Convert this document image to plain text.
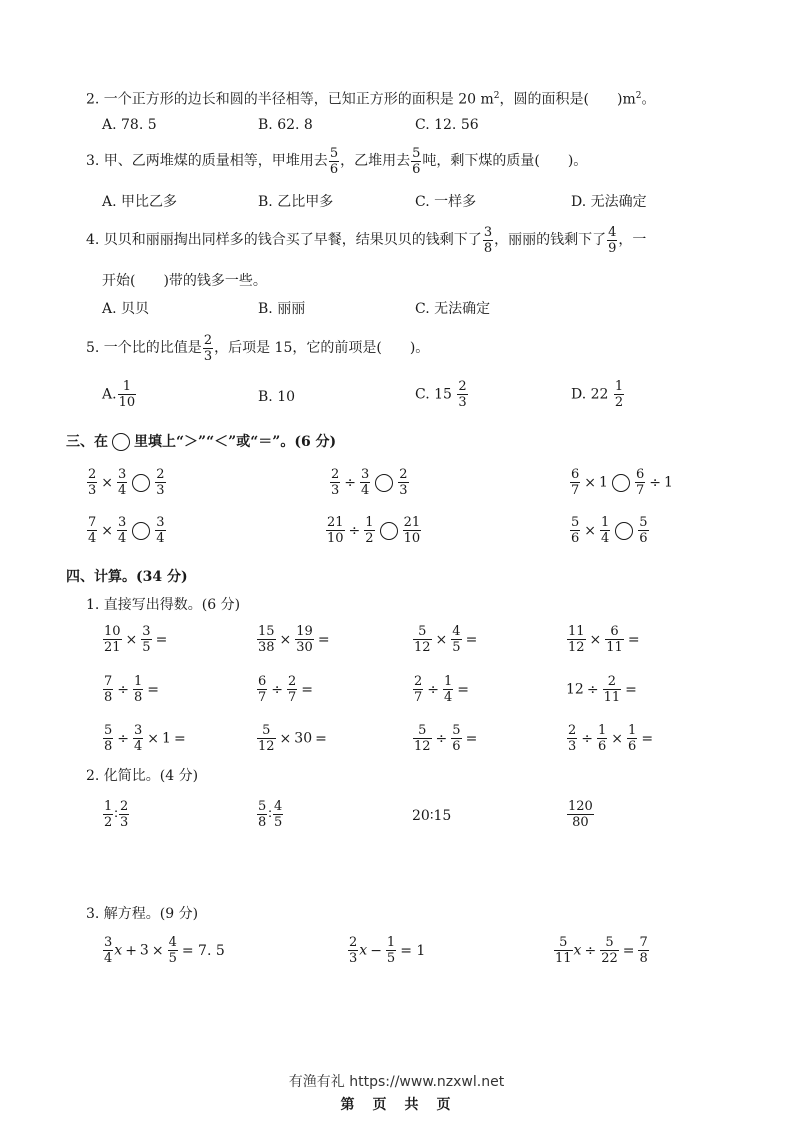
2. 一个正方形的边长和圆的半径相等，已知正方形的面积是 20 $m^2$，圆的面积是(　　)$m^2$。
A. 78. 5	B. 62. 8	C. 12. 56
3. 甲、乙两堆煤的质量相等，甲堆用去 $\frac{5}{6}$ ，乙堆用去 $\frac{5}{6}$ 吨，剩下煤的质量(　　)。
A. 甲比乙多	B. 乙比甲多	C. 一样多	D. 无法确定
4. 贝贝和丽丽掏出同样多的钱合买了早餐，结果贝贝的钱剩下了 $\frac{3}{8}$ ，丽丽的钱剩下了 $\frac{4}{9}$ ，一
开始(　　)带的钱多一些。
A. 贝贝	B. 丽丽	C. 无法确定
5. 一个比的比值是 $\frac{2}{3}$ ，后项是 15，它的前项是(　　)。
A. $\frac{1}{10}$	B. 10	C. $15 \frac{2}{3}$	D. $22 \frac{1}{2}$
三、在 里填上“＞”“＜”或“＝”。(6 分)
$\frac{2}{3} \times \frac{3}{4} \frac{2}{3}$	$\frac{2}{3} \div \frac{3}{4} \frac{2}{3}$	$\frac{6}{7} \times 1 \frac{6}{7} \div 1$
$\frac{7}{4} \times \frac{3}{4} \frac{3}{4}$	$\frac{21}{10} \div \frac{1}{2} \frac{21}{10}$	$\frac{5}{6} \times \frac{1}{4} \frac{5}{6}$
四、计算。(34 分)
1. 直接写出得数。(6 分)
$\frac{10}{21} \times \frac{3}{5}$ =	$\frac{15}{38} \times \frac{19}{30}$ =	$\frac{5}{12} \times \frac{4}{5}$ =	$\frac{11}{12} \times \frac{6}{11}$ =
$\frac{7}{8} \div \frac{1}{8}$ =	$\frac{6}{7} \div \frac{2}{7}$ =	$\frac{2}{7} \div \frac{1}{4}$ =	$12 \div \frac{2}{11}$ =
$\frac{5}{8} \div \frac{3}{4} \times 1$ =	$\frac{5}{12} \times 30$ =	$\frac{5}{12} \div \frac{5}{6}$ =	$\frac{2}{3} \div \frac{1}{6} \times \frac{1}{6}$ =
2. 化简比。(4 分)
$\frac{1}{2}$ ∶ $\frac{2}{3}$	$\frac{5}{8}$ ∶ $\frac{4}{5}$	20∶15	$\frac{120}{80}$
3. 解方程。(9 分)
$\frac{3}{4}$ $x + 3 \times \frac{4}{5} = 7$. 5	$\frac{2}{3}$ $x - \frac{1}{5} = 1$	$\frac{5}{11}$ $x \div \frac{5}{22} = \frac{7}{8}$
有渔有礼 https://www.nzxwl.net
第　页　共　页
